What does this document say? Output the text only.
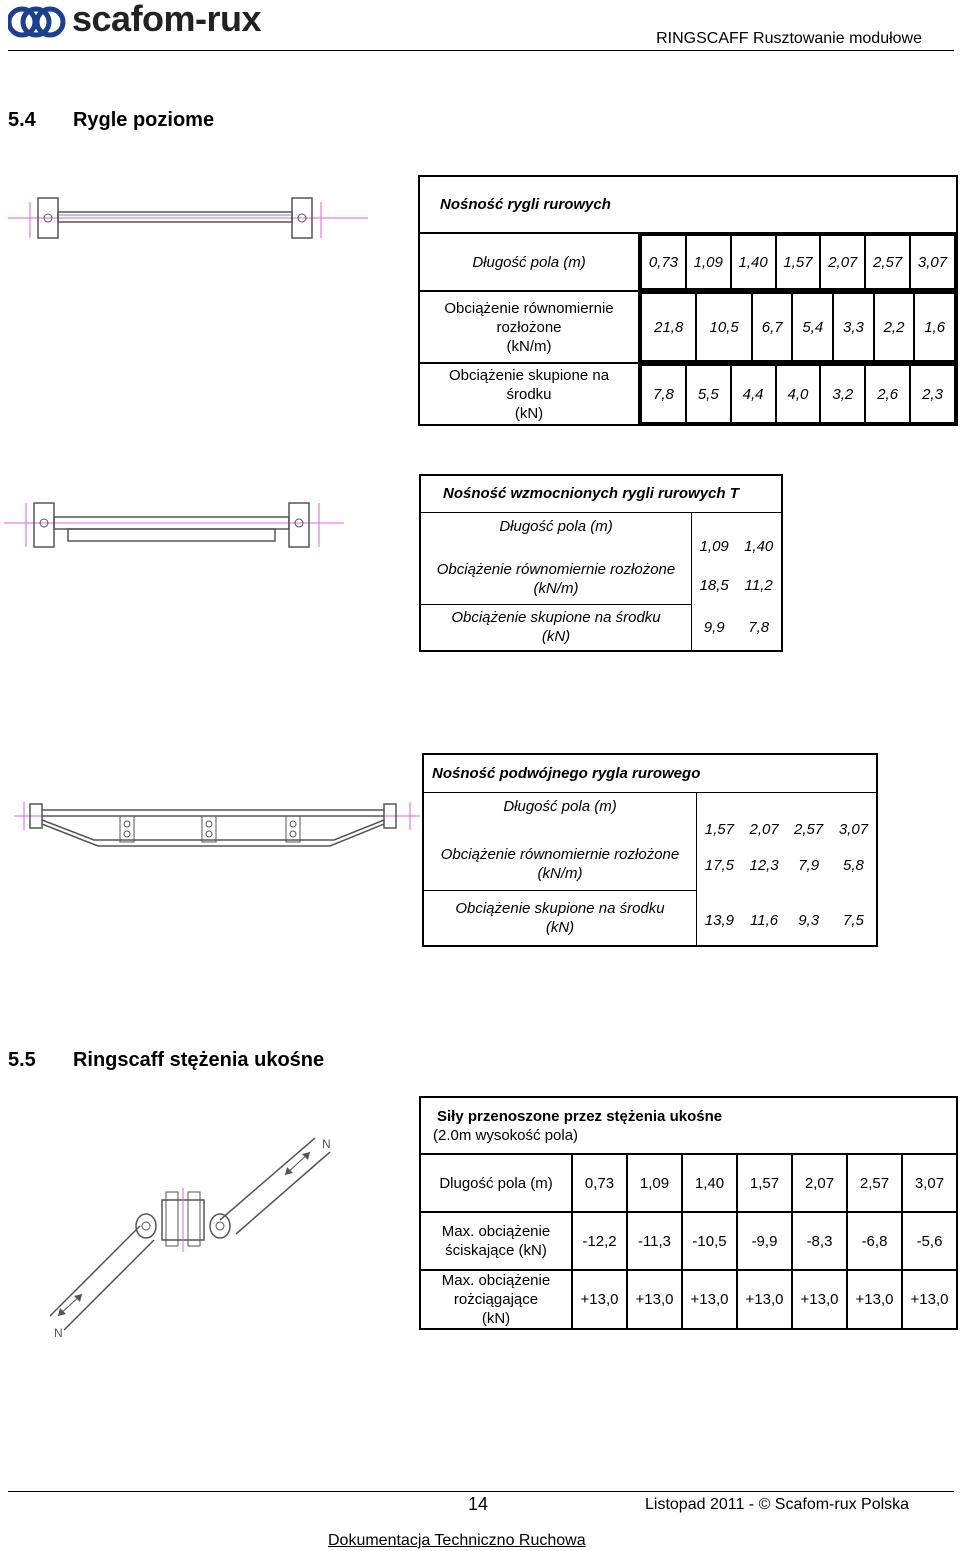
scafom-rux	RINGSCAFF Rusztowanie modułowe
5.4 Rygle poziome
Nośność rygli rurowych
Długość pola (m)		0,73	1,09	1,40	1,57	2,07	2,57	3,07

Obciążenie równomiernie
rozłożone
(kN/m)

21,8	10,5	6,7	5,4	3,3	2,2	1,6

Obciążenie skupione na
środku
(kN)

7,8	5,5	4,4	4,0	3,2	2,6	2,3
Nośność wzmocnionych rygli rurowych T		
Długość pola (m)	1,09	1,40

Obciążenie równomiernie rozłożone
(kN/m)	18,5	11,2

Obciążenie skupione na środku
(kN)	9,9	7,8
Nośność podwójnego rygla rurowego				
Długość pola (m)	1,57	2,07	2,57	3,07

Obciążenie równomiernie rozłożone
(kN/m)	17,5	12,3	7,9	5,8

Obciążenie skupione na środku
(kN)	13,9	11,6	9,3	7,5
5.5 Ringscaff stężenia ukośne
N
N
Siły przenoszone przez stężenia ukośne
(2.0m wysokość pola)							

Dlugość pola (m)	0,73	1,09	1,40	1,57	2,07	2,57	3,07

Max. obciążenie
ściskające (kN)	-12,2	-11,3	-10,5	-9,9	-8,3	-6,8	-5,6

Max. obciążenie
rożciągające
(kN)	+13,0	+13,0	+13,0	+13,0	+13,0	+13,0	+13,0
14	Listopad 2011 - © Scafom-rux Polska
Dokumentacja Techniczno Ruchowa
